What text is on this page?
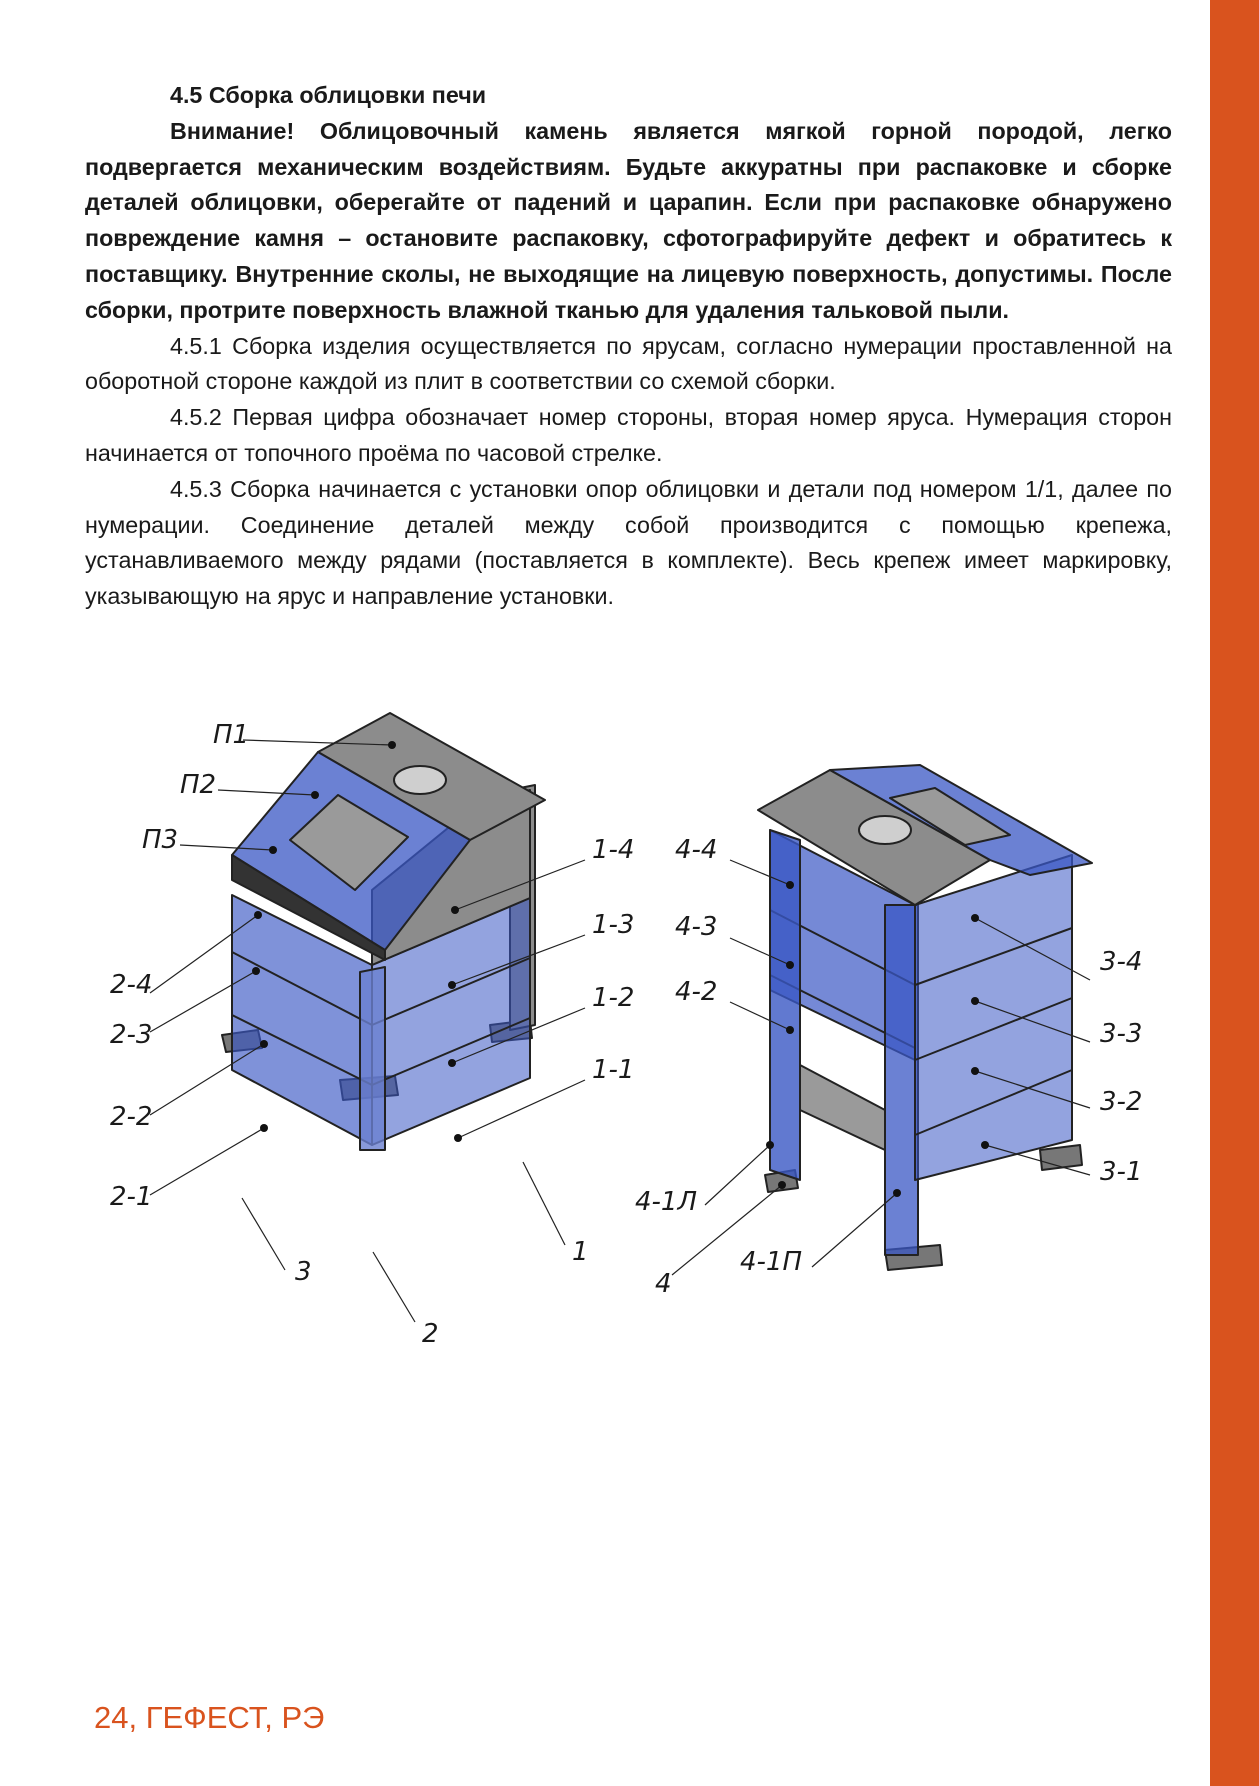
4.5 Сборка облицовки печи

Внимание! Облицовочный камень является мягкой горной породой, легко подвергается механическим воздействиям. Будьте аккуратны при распаковке и сборке деталей облицовки, оберегайте от падений и царапин. Если при распаковке обнаружено повреждение камня – остановите распаковку, сфотографируйте дефект и обратитесь к поставщику. Внутренние сколы, не выходящие на лицевую поверхность, допустимы. После сборки, протрите поверхность влажной тканью для удаления тальковой пыли.

4.5.1 Сборка изделия осуществляется по ярусам, согласно нумерации проставленной на оборотной стороне каждой из плит в соответствии со схемой сборки.

4.5.2 Первая цифра обозначает номер стороны, вторая номер яруса. Нумерация сторон начинается от топочного проёма по часовой стрелке.

4.5.3 Сборка начинается с установки опор облицовки и детали под номером 1/1, далее по нумерации. Соединение деталей между собой производится с помощью крепежа, устанавливаемого между рядами (поставляется в комплекте). Весь крепеж имеет маркировку, указывающую на ярус и направление установки.

П1
П2
П3	1-4
1-3
1-2
1-1
2-4
2-3
2-2
2-1
1
2
3
4-4
4-3
4-2
4-1Л
4-1П
4
3-4
3-3
3-2
3-1
24, ГЕФЕСТ, РЭ
